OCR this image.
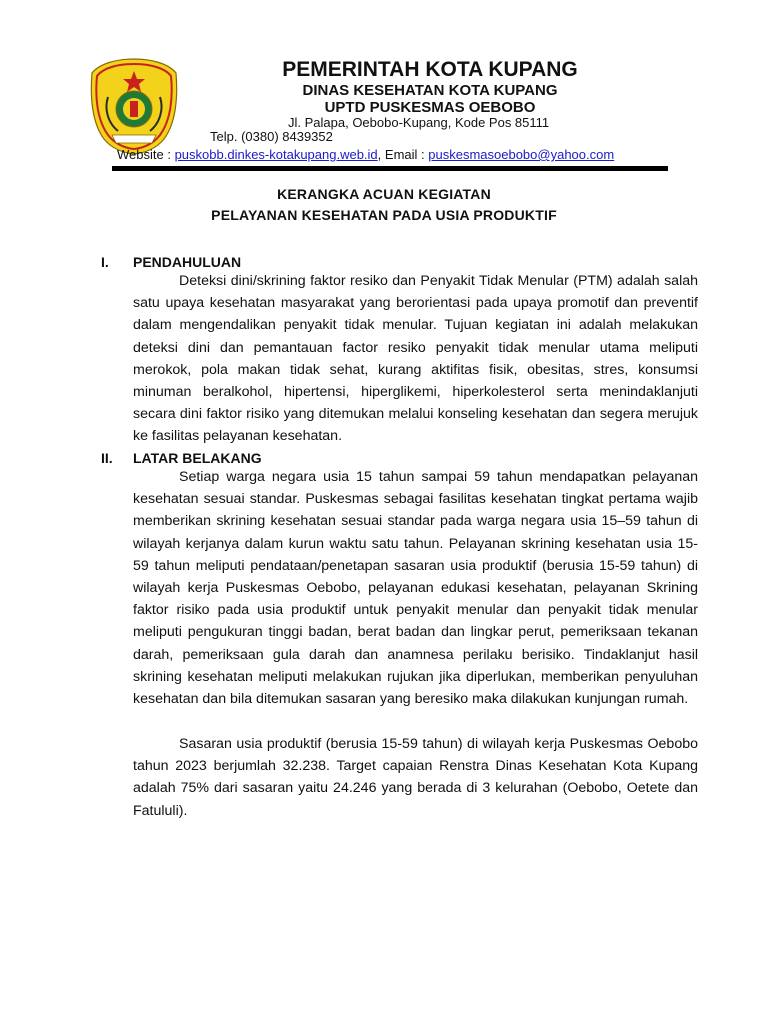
PEMERINTAH KOTA KUPANG
DINAS KESEHATAN KOTA KUPANG
UPTD PUSKESMAS OEBOBO
Jl. Palapa, Oebobo-Kupang, Kode Pos 85111
Telp. (0380) 8439352
Website : puskobb.dinkes-kotakupang.web.id, Email : puskesmasoebobo@yahoo.com
KERANGKA ACUAN KEGIATAN
PELAYANAN KESEHATAN PADA USIA PRODUKTIF
I. PENDAHULUAN

Deteksi dini/skrining faktor resiko dan Penyakit Tidak Menular (PTM) adalah salah satu upaya kesehatan masyarakat yang berorientasi pada upaya promotif dan preventif dalam mengendalikan penyakit tidak menular. Tujuan kegiatan ini adalah melakukan deteksi dini dan pemantauan factor resiko penyakit tidak menular utama meliputi merokok, pola makan tidak sehat, kurang aktifitas fisik, obesitas, stres, konsumsi minuman beralkohol, hipertensi, hiperglikemi, hiperkolesterol serta menindaklanjuti secara dini faktor risiko yang ditemukan melalui konseling kesehatan dan segera merujuk ke fasilitas pelayanan kesehatan.

II. LATAR BELAKANG

Setiap warga negara usia 15 tahun sampai 59 tahun mendapatkan pelayanan kesehatan sesuai standar. Puskesmas sebagai fasilitas kesehatan tingkat pertama wajib memberikan skrining kesehatan sesuai standar pada warga negara usia 15–59 tahun di wilayah kerjanya dalam kurun waktu satu tahun. Pelayanan skrining kesehatan usia 15-59 tahun meliputi pendataan/penetapan sasaran usia produktif (berusia 15-59 tahun) di wilayah kerja Puskesmas Oebobo, pelayanan edukasi kesehatan, pelayanan Skrining faktor risiko pada usia produktif untuk penyakit menular dan penyakit tidak menular meliputi pengukuran tinggi badan, berat badan dan lingkar perut, pemeriksaan tekanan darah, pemeriksaan gula darah dan anamnesa perilaku berisiko. Tindaklanjut hasil skrining kesehatan meliputi melakukan rujukan jika diperlukan, memberikan penyuluhan kesehatan dan bila ditemukan sasaran yang beresiko maka dilakukan kunjungan rumah.

Sasaran usia produktif (berusia 15-59 tahun) di wilayah kerja Puskesmas Oebobo tahun 2023 berjumlah 32.238. Target capaian Renstra Dinas Kesehatan Kota Kupang adalah 75% dari sasaran yaitu 24.246 yang berada di 3 kelurahan (Oebobo, Oetete dan Fatululi).
